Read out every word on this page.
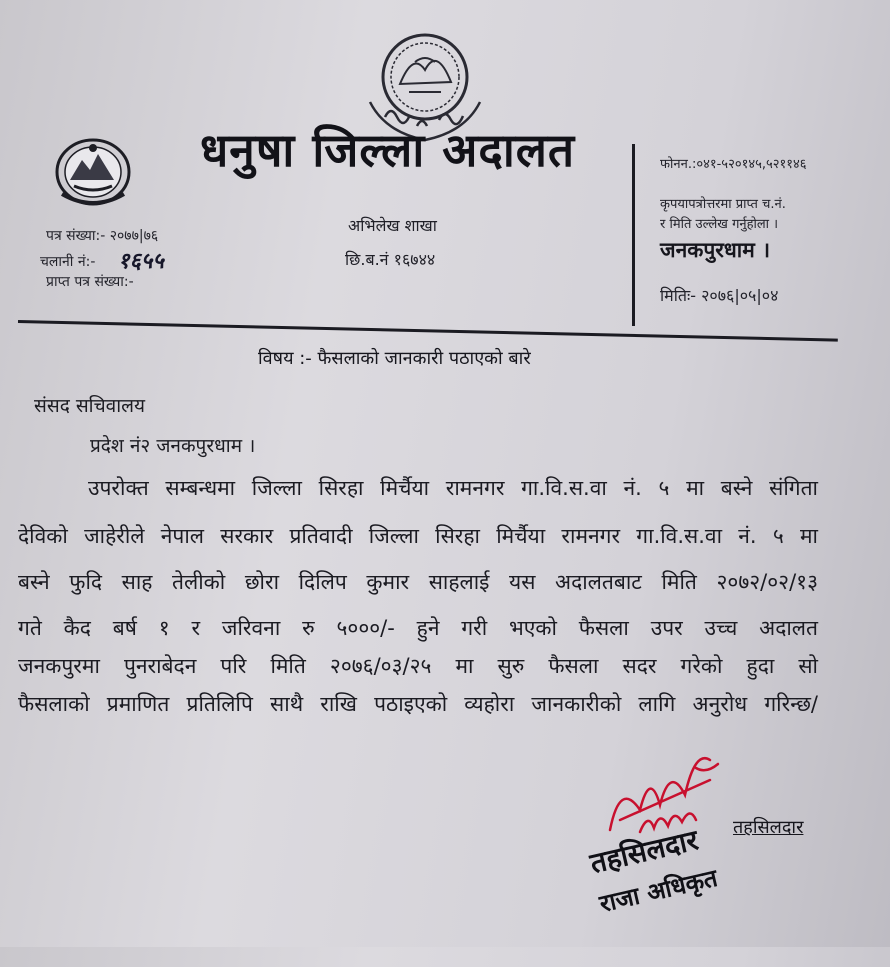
धनुषा जिल्ला अदालत
पत्र संख्या:- २०७७|७६
चलानी नं:- १६५५
प्राप्त पत्र संख्या:-
अभिलेख शाखा
छि.ब.नं १६७४४
फोनन.:०४१-५२०१४५,५२११४६
कृपयापत्रोत्तरमा प्राप्त च.नं.
र मिति उल्लेख गर्नुहोला ।
जनकपुरधाम ।
मितिः- २०७६|०५|०४
विषय :- फैसलाको जानकारी पठाएको बारे
संसद सचिवालय
प्रदेश नं२ जनकपुरधाम ।
उपरोक्त सम्बन्धमा जिल्ला सिरहा मिर्चैया रामनगर गा.वि.स.वा नं. ५ मा बस्ने संगिता
देविको जाहेरीले नेपाल सरकार प्रतिवादी जिल्ला सिरहा मिर्चैया रामनगर गा.वि.स.वा नं. ५ मा
बस्ने फुदि साह तेलीको छोरा दिलिप कुमार साहलाई यस अदालतबाट मिति २०७२/०२/१३
गते कैद बर्ष १ र जरिवना रु ५०००/- हुने गरी भएको फैसला उपर उच्च अदालत
जनकपुरमा पुनराबेदन परि मिति २०७६/०३/२५ मा सुरु फैसला सदर गरेको हुदा सो
फैसलाको प्रमाणित प्रतिलिपि साथै राखि पठाइएको व्यहोरा जानकारीको लागि अनुरोध गरिन्छ/
तहसिलदार
तहसिलदार
राजा अधिकृत
